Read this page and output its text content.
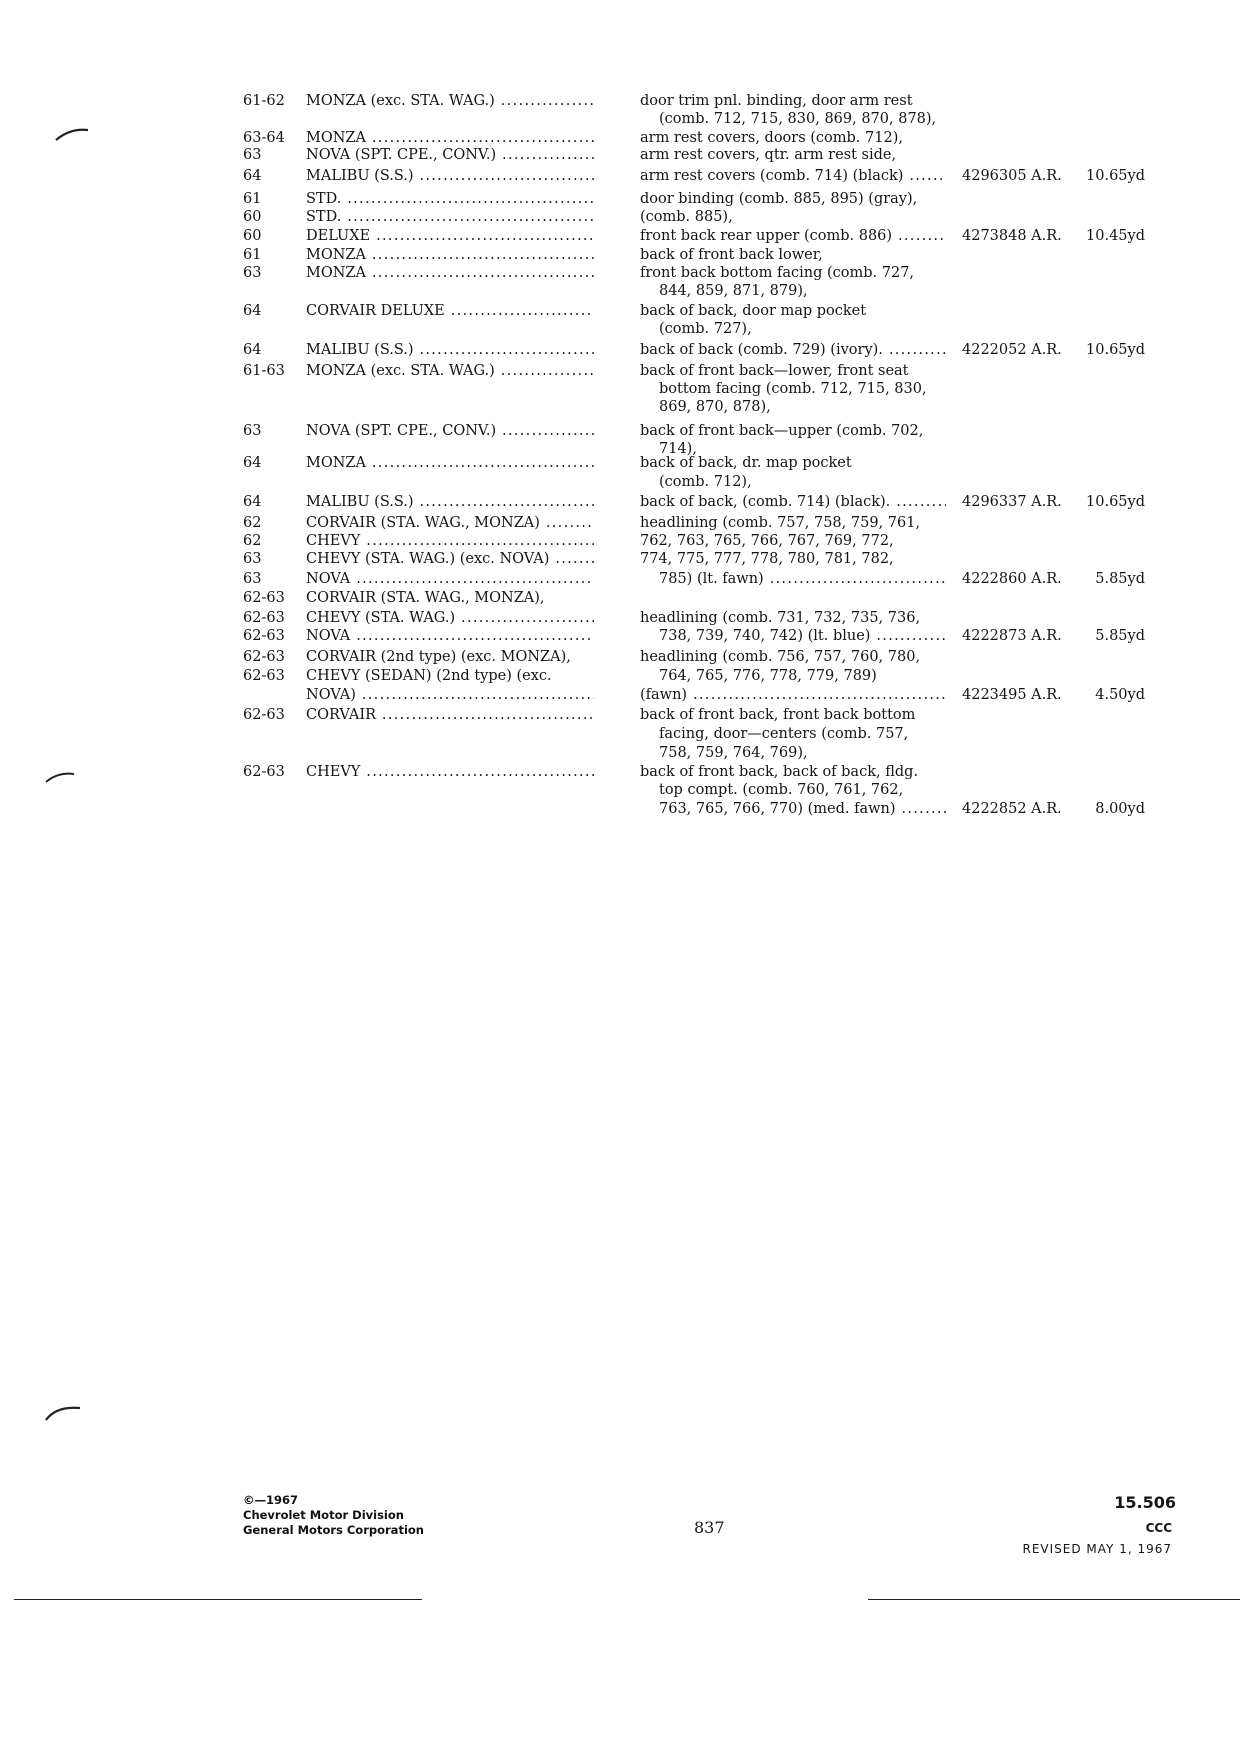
61-62 MONZA (exc. STA. WAG.) .....	door trim pnl. binding, door arm rest
(comb. 712, 715, 830, 869, 870, 878),
63-64 MONZA .....	arm rest covers, doors (comb. 712),
63	NOVA (SPT. CPE., CONV.) .....	arm rest covers, qtr. arm rest side,
64	MALIBU (S.S.) .....	arm rest covers (comb. 714) (black) .....	4296305 A.R. 10.65yd
61	STD. .....	door binding (comb. 885, 895) (gray),
60	STD. .....	(comb. 885),
60	DELUXE .....	front back rear upper (comb. 886) .....	4273848 A.R. 10.45yd
61	MONZA .....	back of front back lower,
63	MONZA .....	front back bottom facing (comb. 727,
844, 859, 871, 879),
64	CORVAIR DELUXE .....	back of back, door map pocket
(comb. 727),
64	MALIBU (S.S.) .....	back of back (comb. 729) (ivory). .....	4222052 A.R. 10.65yd
61-63 MONZA (exc. STA. WAG.) .....	back of front back—lower, front seat
bottom facing (comb. 712, 715, 830,
869, 870, 878),
63	NOVA (SPT. CPE., CONV.) .....	back of front back—upper (comb. 702,
714),
64	MONZA .....	back of back, dr. map pocket
(comb. 712),
64	MALIBU (S.S.) .....	back of back, (comb. 714) (black). .....	4296337 A.R. 10.65yd
62	CORVAIR (STA. WAG., MONZA) .....	headlining (comb. 757, 758, 759, 761,
62	CHEVY .....	762, 763, 765, 766, 767, 769, 772,
63	CHEVY (STA. WAG.) (exc. NOVA) .....	774, 775, 777, 778, 780, 781, 782,
63	NOVA .....	785) (lt. fawn) .....	4222860 A.R. 5.85yd
62-63 CORVAIR (STA. WAG., MONZA),
62-63 CHEVY (STA. WAG.) .....	headlining (comb. 731, 732, 735, 736,
62-63 NOVA .....	738, 739, 740, 742) (lt. blue) .....	4222873 A.R. 5.85yd
62-63 CORVAIR (2nd type) (exc. MONZA),	headlining (comb. 756, 757, 760, 780,
62-63 CHEVY (SEDAN) (2nd type) (exc.	764, 765, 776, 778, 779, 789)
NOVA) .....	(fawn) .....	4223495 A.R. 4.50yd
62-63 CORVAIR .....	back of front back, front back bottom
facing, door—centers (comb. 757,
758, 759, 764, 769),
62-63 CHEVY .....	back of front back, back of back, fldg.
top compt. (comb. 760, 761, 762,
763, 765, 766, 770) (med. fawn) .....	4222852 A.R. 8.00yd
©—1967
Chevrolet Motor Division
General Motors Corporation	837
15.506
CCC
REVISED MAY 1, 1967
